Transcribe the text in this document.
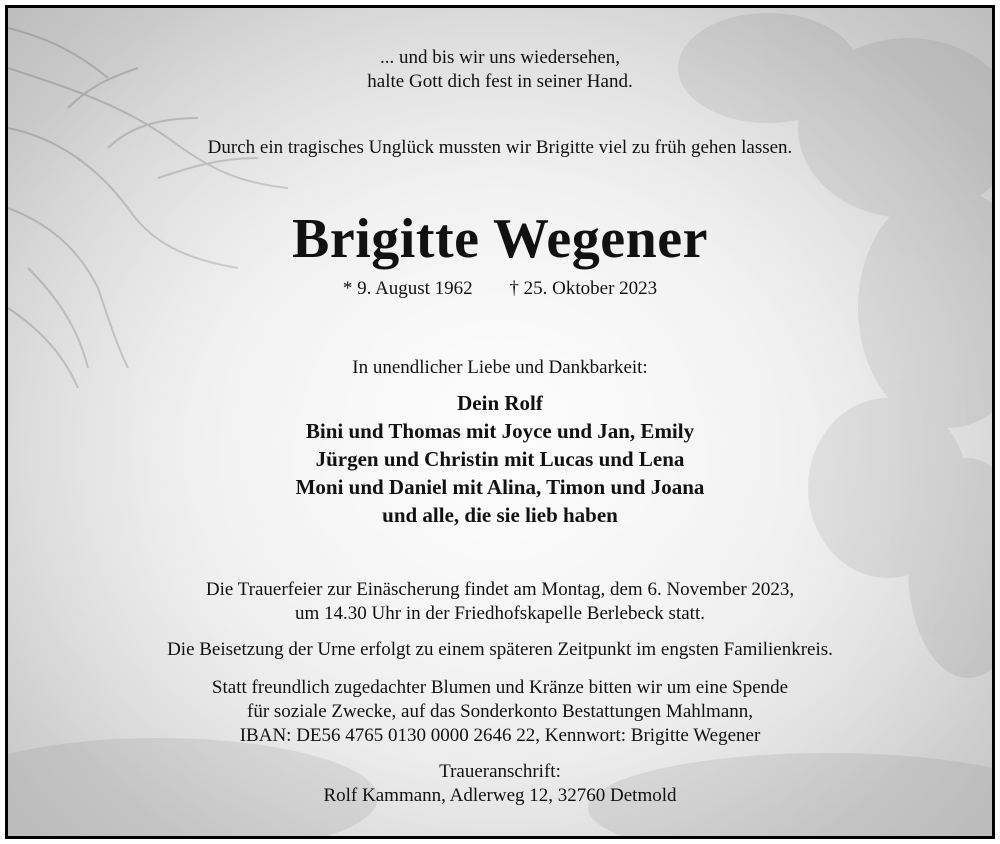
... und bis wir uns wiedersehen,
halte Gott dich fest in seiner Hand.
Durch ein tragisches Unglück mussten wir Brigitte viel zu früh gehen lassen.
Brigitte Wegener
* 9. August 1962 † 25. Oktober 2023
In unendlicher Liebe und Dankbarkeit:
Dein Rolf
Bini und Thomas mit Joyce und Jan, Emily
Jürgen und Christin mit Lucas und Lena
Moni und Daniel mit Alina, Timon und Joana
und alle, die sie lieb haben
Die Trauerfeier zur Einäscherung findet am Montag, dem 6. November 2023,
um 14.30 Uhr in der Friedhofskapelle Berlebeck statt.
Die Beisetzung der Urne erfolgt zu einem späteren Zeitpunkt im engsten Familienkreis.
Statt freundlich zugedachter Blumen und Kränze bitten wir um eine Spende
für soziale Zwecke, auf das Sonderkonto Bestattungen Mahlmann,
IBAN: DE56 4765 0130 0000 2646 22, Kennwort: Brigitte Wegener
Traueranschrift:
Rolf Kammann, Adlerweg 12, 32760 Detmold
